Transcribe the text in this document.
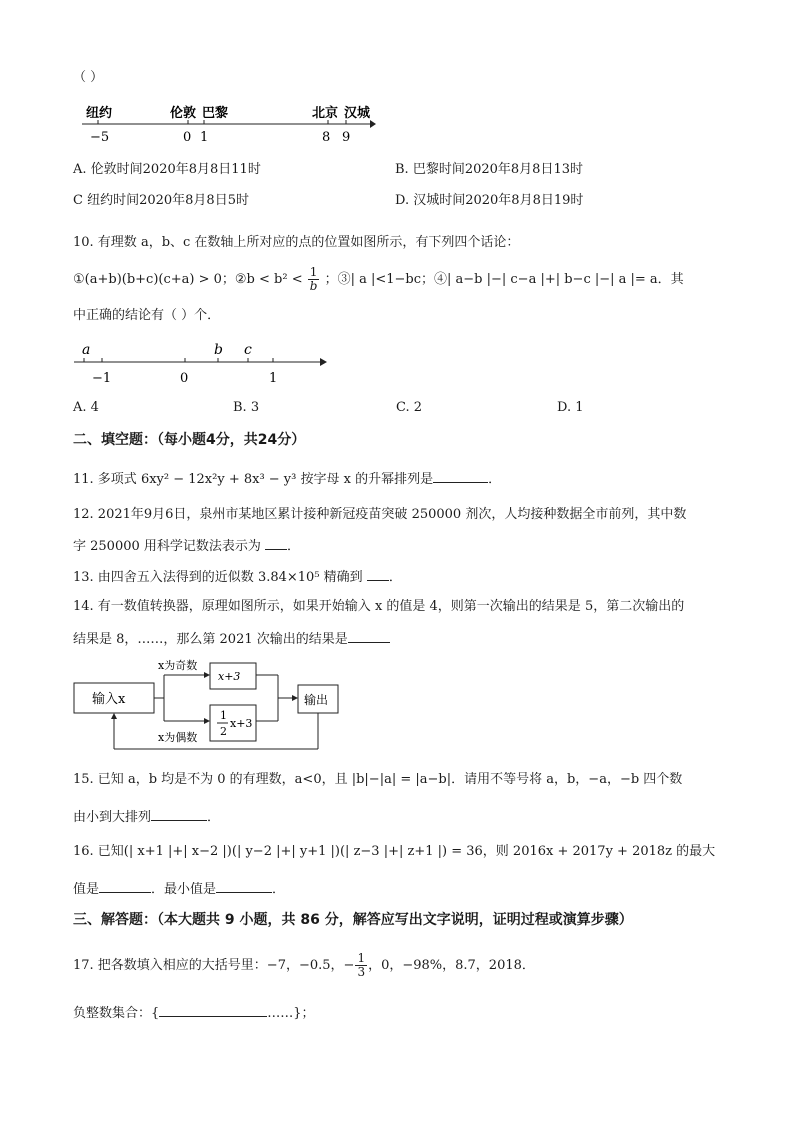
（ ）
纽约	伦敦 巴黎	北京 汉城
−5	0 1	8 9
A. 伦敦时间2020年8月8日11时	B. 巴黎时间2020年8月8日13时
C 纽约时间2020年8月8日5时	D. 汉城时间2020年8月8日19时
10. 有理数 a，b、c 在数轴上所对应的点的位置如图所示，有下列四个话论：
①(a+b)(b+c)(c+a) > 0；②b < $b^2 < \frac{1}{b}$ ；③| a |<1−bc；④| a−b |−| c−a |+| b−c |−| a |= a．其
中正确的结论有（ ）个．
a	b c
−1	0	1
A. 4	B. 3	C. 2	D. 1
二、填空题：（每小题4分，共24分）
11. 多项式 6xy² − 12x²y + 8x³ − y³ 按字母 x 的升幂排列是	．
12. 2021年9月6日，泉州市某地区累计接种新冠疫苗突破 250000 剂次，人均接种数据全市前列，其中数
字 250000 用科学记数法表示为 ．
13. 由四舍五入法得到的近似数 3.84×10⁵ 精确到 ．
14. 有一数值转换器，原理如图所示，如果开始输入 x 的值是 4，则第一次输出的结果是 5，第二次输出的
结果是 8，……，那么第 2021 次输出的结果是
输入x
x为奇数
x为偶数
x+3
1
2
x+3
输出
15. 已知 a，b 均是不为 0 的有理数，a<0，且 |b|−|a| = |a−b|．请用不等号将 a，b，−a，−b 四个数
由小到大排列	．
16. 已知(| x+1 |+| x−2 |)(| y−2 |+| y+1 |)(| z−3 |+| z+1 |) = 36，则 2016x + 2017y + 2018z 的最大
值是	．最小值是	．
三、解答题：（本大题共 9 小题，共 86 分，解答应写出文字说明，证明过程或演算步骤）
17. 把各数填入相应的大括号里：−7，−0.5，− $\frac{1}{3}$ ，0，−98%，8.7，2018．
负整数集合：{	……}；
